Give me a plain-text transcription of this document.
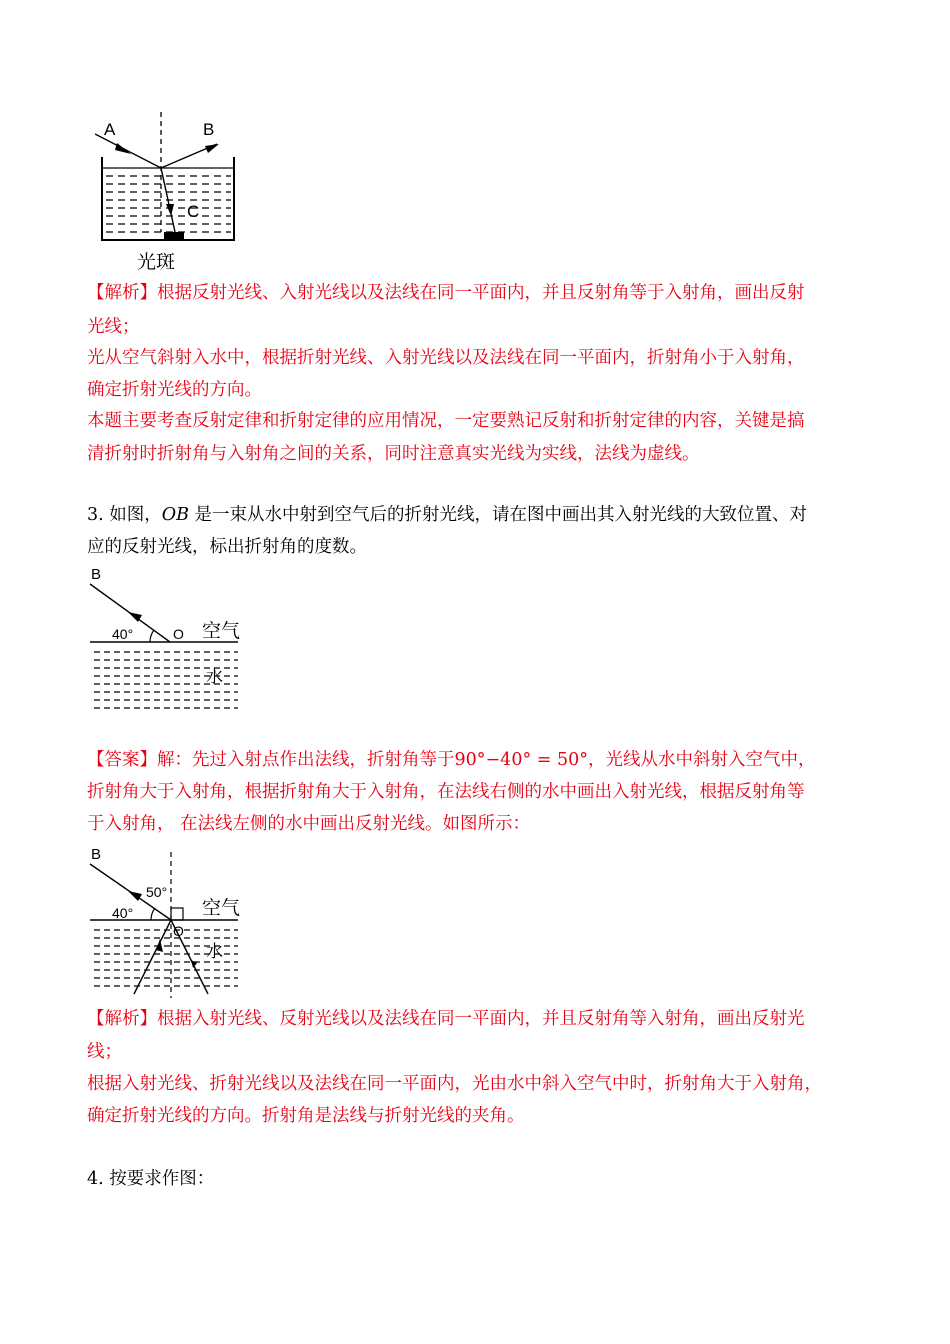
A	B
C
光斑
【解析】根据反射光线、入射光线以及法线在同一平面内，并且反射角等于入射角，画出反射
光线；
光从空气斜射入水中，根据折射光线、入射光线以及法线在同一平面内，折射角小于入射角，
确定折射光线的方向。
本题主要考查反射定律和折射定律的应用情况，一定要熟记反射和折射定律的内容，关键是搞
清折射时折射角与入射角之间的关系，同时注意真实光线为实线，法线为虚线。
3. 如图，OB 是一束从水中射到空气后的折射光线，请在图中画出其入射光线的大致位置、对
应的反射光线，标出折射角的度数。
B
O
40°	空气
水
【答案】解：先过入射点作出法线，折射角等于90°−40° = 50°，光线从水中斜射入空气中，
折射角大于入射角，根据折射角大于入射角，在法线右侧的水中画出入射光线，根据反射角等
于入射角， 在法线左侧的水中画出反射光线。如图所示：
B
O
40°
50°
空气
水
【解析】根据入射光线、反射光线以及法线在同一平面内，并且反射角等入射角，画出反射光
线；
根据入射光线、折射光线以及法线在同一平面内，光由水中斜入空气中时，折射角大于入射角，
确定折射光线的方向。折射角是法线与折射光线的夹角。
4. 按要求作图：
